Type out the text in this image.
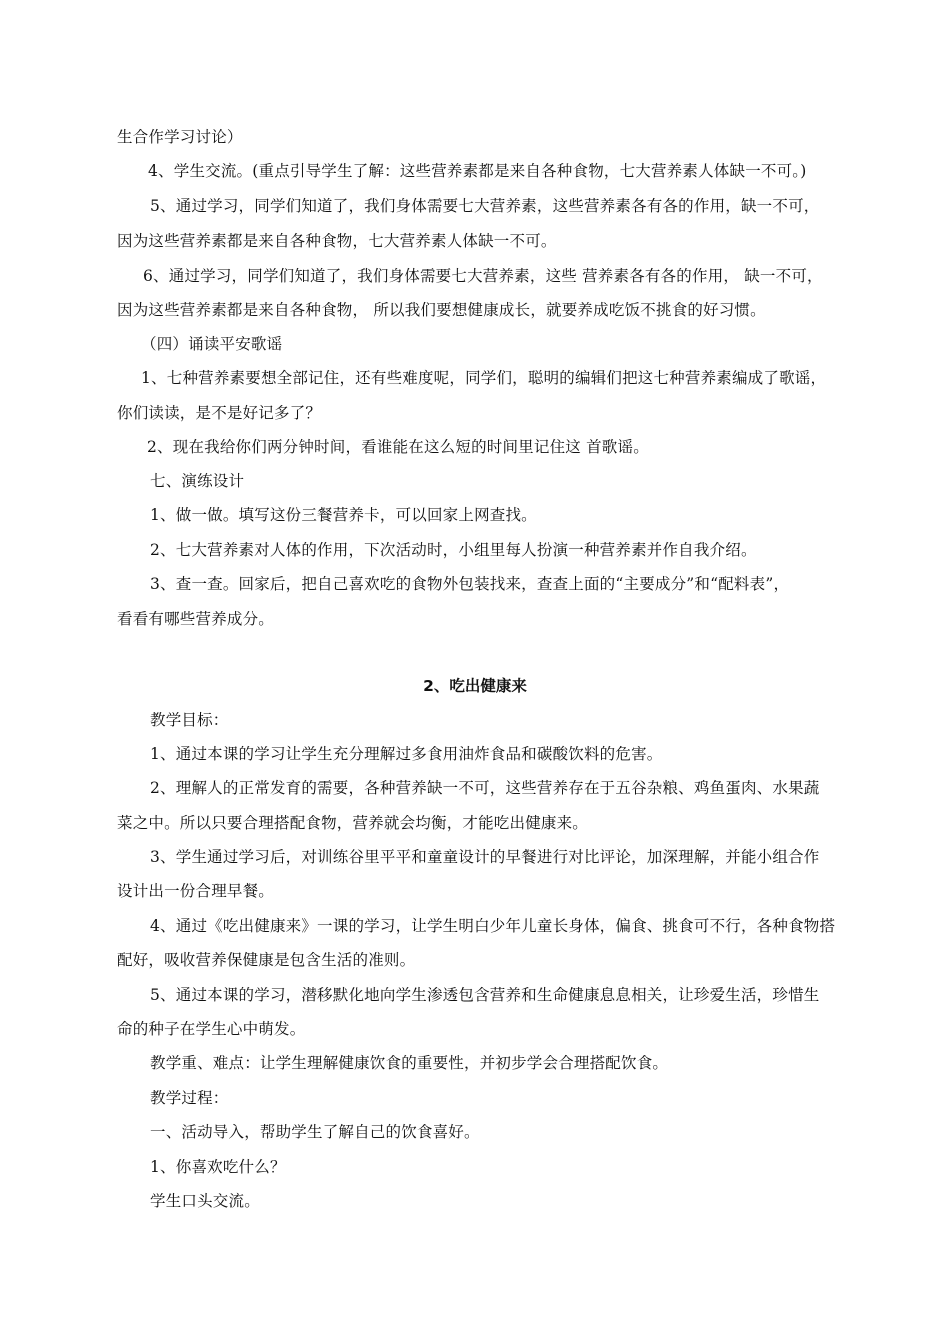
生合作学习讨论）
4、学生交流。(重点引导学生了解：这些营养素都是来自各种食物，七大营养素人体缺一不可。)
5、通过学习，同学们知道了，我们身体需要七大营养素，这些营养素各有各的作用，缺一不可，
因为这些营养素都是来自各种食物，七大营养素人体缺一不可。
6、通过学习，同学们知道了，我们身体需要七大营养素，这些 营养素各有各的作用， 缺一不可，
因为这些营养素都是来自各种食物， 所以我们要想健康成长，就要养成吃饭不挑食的好习惯。
（四）诵读平安歌谣
1、七种营养素要想全部记住，还有些难度呢，同学们，聪明的编辑们把这七种营养素编成了歌谣，
你们读读，是不是好记多了？
2、现在我给你们两分钟时间，看谁能在这么短的时间里记住这 首歌谣。
七、演练设计
1、做一做。填写这份三餐营养卡，可以回家上网查找。
2、七大营养素对人体的作用，下次活动时，小组里每人扮演一种营养素并作自我介绍。
3、查一查。回家后，把自己喜欢吃的食物外包装找来，查查上面的“主要成分”和“配料表”，
看看有哪些营养成分。
2、吃出健康来
教学目标：
1、通过本课的学习让学生充分理解过多食用油炸食品和碳酸饮料的危害。
2、理解人的正常发育的需要，各种营养缺一不可，这些营养存在于五谷杂粮、鸡鱼蛋肉、水果蔬
菜之中。所以只要合理搭配食物，营养就会均衡，才能吃出健康来。
3、学生通过学习后，对训练谷里平平和童童设计的早餐进行对比评论，加深理解，并能小组合作
设计出一份合理早餐。
4、通过《吃出健康来》一课的学习，让学生明白少年儿童长身体，偏食、挑食可不行，各种食物搭
配好，吸收营养保健康是包含生活的准则。
5、通过本课的学习，潜移默化地向学生渗透包含营养和生命健康息息相关，让珍爱生活，珍惜生
命的种子在学生心中萌发。
教学重、难点：让学生理解健康饮食的重要性，并初步学会合理搭配饮食。
教学过程：
一、活动导入，帮助学生了解自己的饮食喜好。
1、你喜欢吃什么？
学生口头交流。
